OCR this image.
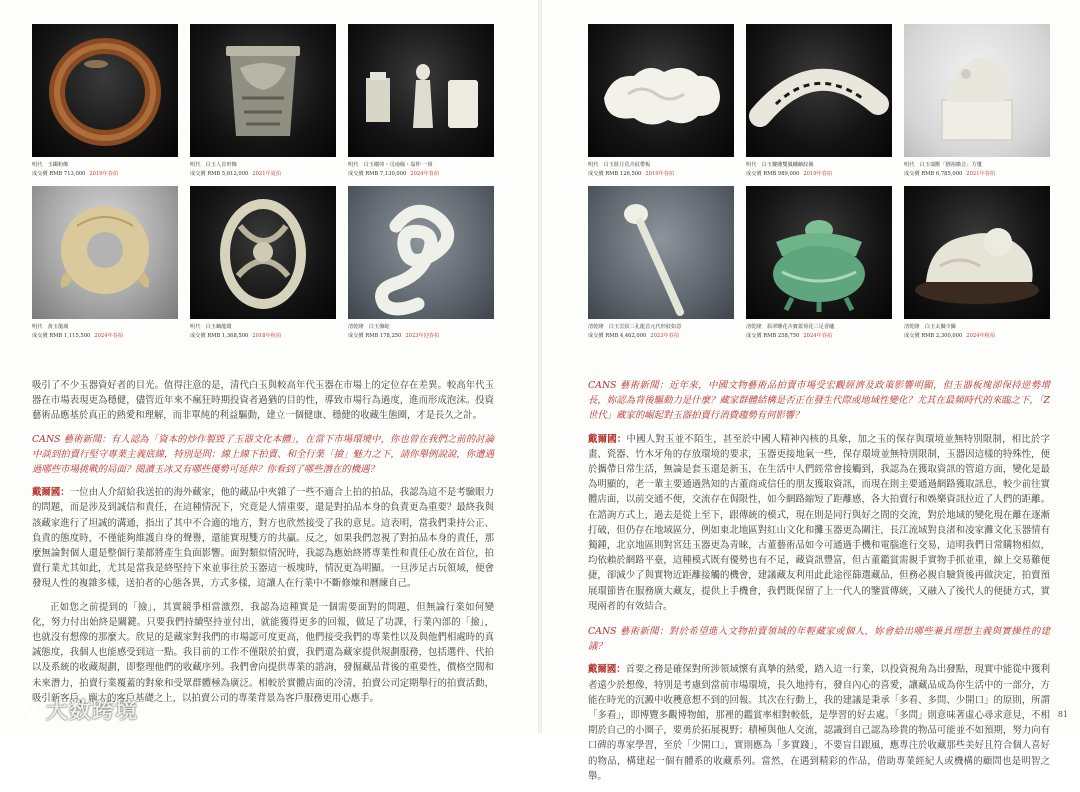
明代　玉鐲粉飾
成交價 RMB 713,000 2019年春拍
明代　白玉人首形飾
成交價 RMB 5,612,000 2021年夏拍
明代　白玉剛卯・司南佩・翁仲 一組
成交價 RMB 7,130,000 2024年春拍
明代　黃玉龍璜
成交價 RMB 1,115,500 2024年春拍
明代　白玉螭龍環
成交價 RMB 1,368,500 2018年秋拍
清乾隆　白玉盤蛇
成交價 RMB 178,250 2023年迎春拍

吸引了不少玉器資好者的目光。值得注意的是，清代白玉與較高年代玉器在市場上的定位存在差異。較高年代玉器在市場表現更為穩健，儘管近年來不瘋狂時期投資者過猶的目的性，導致市場行為過度，進而形成泡沫。投資藝術品應基於真正的熱愛和理解，而非單純的利益驅動，建立一個健康、穩健的收藏生態圈，才是長久之計。

CANS 藝術新聞：有人認為「資本的炒作製毀了玉器文化本體」，在當下市場環境中，你也曾在我們之前的討論中談到拍賣行堅守專業主義底線，特別是問：線上線下拍賣、和全行業「撿」魅力之下，請你舉例說說，你遭遇過哪些市場挑戰的局面？閱讀玉冰又有哪些優勢可延伸？你看到了哪些潛在的機遇？

戴爾國：一位由人介紹給我送拍的海外藏家，他的藏品中夾雜了一些不適合上拍的拍品，我認為這不是考驗眼力的問題，而是涉及到誠信和責任，在這種情況下，究竟是人情重要，還是對拍品本身的負責更為重要？最終我與該藏家進行了坦誠的溝通，指出了其中不合適的地方，對方也欣然接受了我的意見。這表明，當我們秉持公正、負責的態度時，不僅能夠維護自身的聲譽，還能實現雙方的共贏。反之，如果我們忽視了對拍品本身的責任，那麼無論對個人還是整個行業都將產生負面影響。面對類似情況時，我認為應始終將專業性和責任心放在首位，拍賣行業尤其如此，尤其是當我是終堅持下來並事往於玉器這一板塊時，情況更為明顯。一旦涉足古玩領域，便會發現人性的複雜多樣，送拍者的心態各異，方式多樣，這讓人在行業中不斷修煉和曆練自己。

正如您之前提到的「撿」，其實競爭相當激烈，我認為這種實是一個需要面對的問題，但無論行業如何變化，努力付出始終是關鍵。只要我們持續堅持並付出，就能獲得更多的回報，做足了功課，行業內部的「撿」，也就沒有想像的那麼大。欣見的是藏家對我們的市場認可度更高，他們接受我們的專業性以及與他們相處時的真誠態度，我個人也能感受到這一點。我目前的工作不僅限於拍賣，我們還為藏家提供規劃服務，包括選件、代拍以及系統的收藏規劃，即整理他們的收藏序列。我們會向提供專業的諮詢，發掘藏品背後的重要性，價格空間和未來潛力，拍賣行業覆蓋的對象和受眾群體極為廣泛。相較於實體店面的冷清，拍賣公司定期舉行的拍賣活動，吸引新客戶，龐大的客戶基礎之上，以拍賣公司的專業背景為客戶服務更用心應手。

明代　白玉駐月荒卉紋帶板
成交價 RMB 126,500 2019年春拍
明代　白玉鏤雕雙鳳蟠螭紋佩
成交價 RMB 989,000 2019年春拍
明代　白玉瑞獸「猶裕徽音」方璽
成交價 RMB 6,785,000 2021年春拍
清乾隆　白玉雲紋三孔龍首元代形紋如意
成交價 RMB 4,462,000 2023年春拍
清乾隆　翡翠雕花卉寶蓋荷花三足香爐
成交價 RMB 258,750 2024年春拍
清乾隆　白玉太獅少獅
成交價 RMB 2,300,000 2024年秋拍

CANS 藝術新聞：近年來，中國文物藝術品拍賣市場受宏觀經濟及政策影響明顯，但玉器板塊卻保持逆勢增長，妳認為背後驅動力是什麼？藏家群體結構是否正在發生代際或地域性變化？尤其在最頻時代的來臨之下，「Z 世代」藏家的崛起對玉器拍賣行消費趨勢有何影響？

戴爾國：中國人對玉並不陌生，甚至於中國人精神內核的具象，加之玉的保存與環境並無特別限制，相比於字畫、瓷器、竹木牙角的存放環境的要求，玉器更接地氣一些，保存環境並無特別限制，玉器因這樣的特殊性，便於攜帶日常生活，無論是套玉還是新玉，在生活中人們經常會接觸到，我認為在獲取資訊的管道方面，變化是最為明顯的，老一輩主要通過熟知的古董商或信任的朋友獲取資訊，而現在則主要通過網路獲取訊息，較少前往實體店面，以前交通不便，交流存在侷限性，如今網路縮短了距離感，各大拍賣行和娛樂資訊拉近了人們的距離。在諮詢方式上，過去是從上至下，跟傳統的模式，現在則是同行與好之間的交流，對於地域的變化現在離在逐漸打破，但仍存在地域區分，例如東北地區對紅山文化和攤玉器更為關注，長江流域對良渚和凌家灘文化玉器情有獨鍾，北京地區則對宮廷玉器更為青睞，古董藝術品如今可通過手機和電腦進行交易，這明我們日常購物相似，均依賴於網路平臺，這種模式既有優勢也有不足，藏資訊豐富，但古董鑑賞需親手實物手抓並重，線上交易難便捷，卻減少了與實物近距離接觸的機會，建議藏友利用此此途徑篩選藏品，但務必親自驗貨後再做決定，拍賣預展環節皆在服務廣大藏友，提供上手機會，我們既保留了上一代人的鑒賞傳統，又融入了後代人的便捷方式，實現兩者的有效結合。

CANS 藝術新聞：對於希望進入文物拍賣領域的年輕藏家或個人，妳會給出哪些兼具理想主義與實操性的建議？

戴爾國：首要之務是確保對所涉領域懷有真摯的熱愛，踏入這一行業，以投資視角為出發點，現實中能從中獲利者遠少於想像，特別是考慮到當前市場環境，長久地持有，發自內心的喜愛，讓藏品成為你生活中的一部分，方能在時光的沉澱中收穫意想不到的回報。其次在行動上，我的建議是秉承「多看、多問、少開口」的原則，所謂「多看」，即博覽多觀博物館，那裡的鑑賞率相對較低，是學習的好去處。「多問」則意味著虛心尋求意見，不相期於自己的小圈子，要勇於拓展視野；積極與他人交流，認識到自己認為珍貴的物品可能並不如預期，努力向有口碑的專家學習，至於「少開口」，實則應為「多實踐」，不要盲目跟風，應專注於收藏那些美好且符合個人喜好的物品，構建起一個有體系的收藏系列。當然，在遇到精彩的作品，借助專業經紀人或機構的顧問也是明智之舉。

81
大数跨境
